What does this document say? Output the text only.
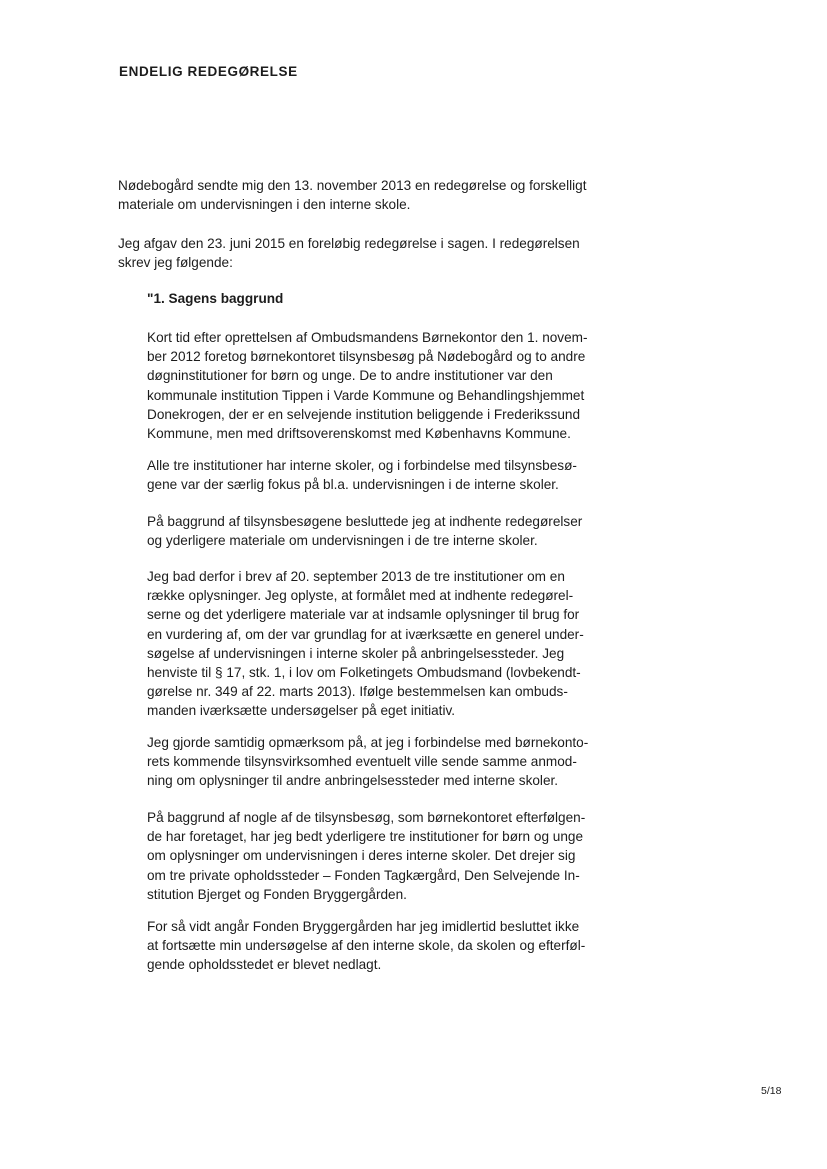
ENDELIG REDEGØRELSE

Nødebogård sendte mig den 13. november 2013 en redegørelse og forskelligt
materiale om undervisningen i den interne skole.

Jeg afgav den 23. juni 2015 en foreløbig redegørelse i sagen. I redegørelsen
skrev jeg følgende:

"1. Sagens baggrund

Kort tid efter oprettelsen af Ombudsmandens Børnekontor den 1. novem-
ber 2012 foretog børnekontoret tilsynsbesøg på Nødebogård og to andre
døgninstitutioner for børn og unge. De to andre institutioner var den
kommunale institution Tippen i Varde Kommune og Behandlingshjemmet
Donekrogen, der er en selvejende institution beliggende i Frederikssund
Kommune, men med driftsoverenskomst med Københavns Kommune.

Alle tre institutioner har interne skoler, og i forbindelse med tilsynsbesø-
gene var der særlig fokus på bl.a. undervisningen i de interne skoler.

På baggrund af tilsynsbesøgene besluttede jeg at indhente redegørelser
og yderligere materiale om undervisningen i de tre interne skoler.

Jeg bad derfor i brev af 20. september 2013 de tre institutioner om en
række oplysninger. Jeg oplyste, at formålet med at indhente redegørel-
serne og det yderligere materiale var at indsamle oplysninger til brug for
en vurdering af, om der var grundlag for at iværksætte en generel under-
søgelse af undervisningen i interne skoler på anbringelsessteder. Jeg
henviste til § 17, stk. 1, i lov om Folketingets Ombudsmand (lovbekendt-
gørelse nr. 349 af 22. marts 2013). Ifølge bestemmelsen kan ombuds-
manden iværksætte undersøgelser på eget initiativ.

Jeg gjorde samtidig opmærksom på, at jeg i forbindelse med børnekonto-
rets kommende tilsynsvirksomhed eventuelt ville sende samme anmod-
ning om oplysninger til andre anbringelsessteder med interne skoler.

På baggrund af nogle af de tilsynsbesøg, som børnekontoret efterfølgen-
de har foretaget, har jeg bedt yderligere tre institutioner for børn og unge
om oplysninger om undervisningen i deres interne skoler. Det drejer sig
om tre private opholdssteder – Fonden Tagkærgård, Den Selvejende In-
stitution Bjerget og Fonden Bryggergården.

For så vidt angår Fonden Bryggergården har jeg imidlertid besluttet ikke
at fortsætte min undersøgelse af den interne skole, da skolen og efterføl-
gende opholdsstedet er blevet nedlagt.

5/18
